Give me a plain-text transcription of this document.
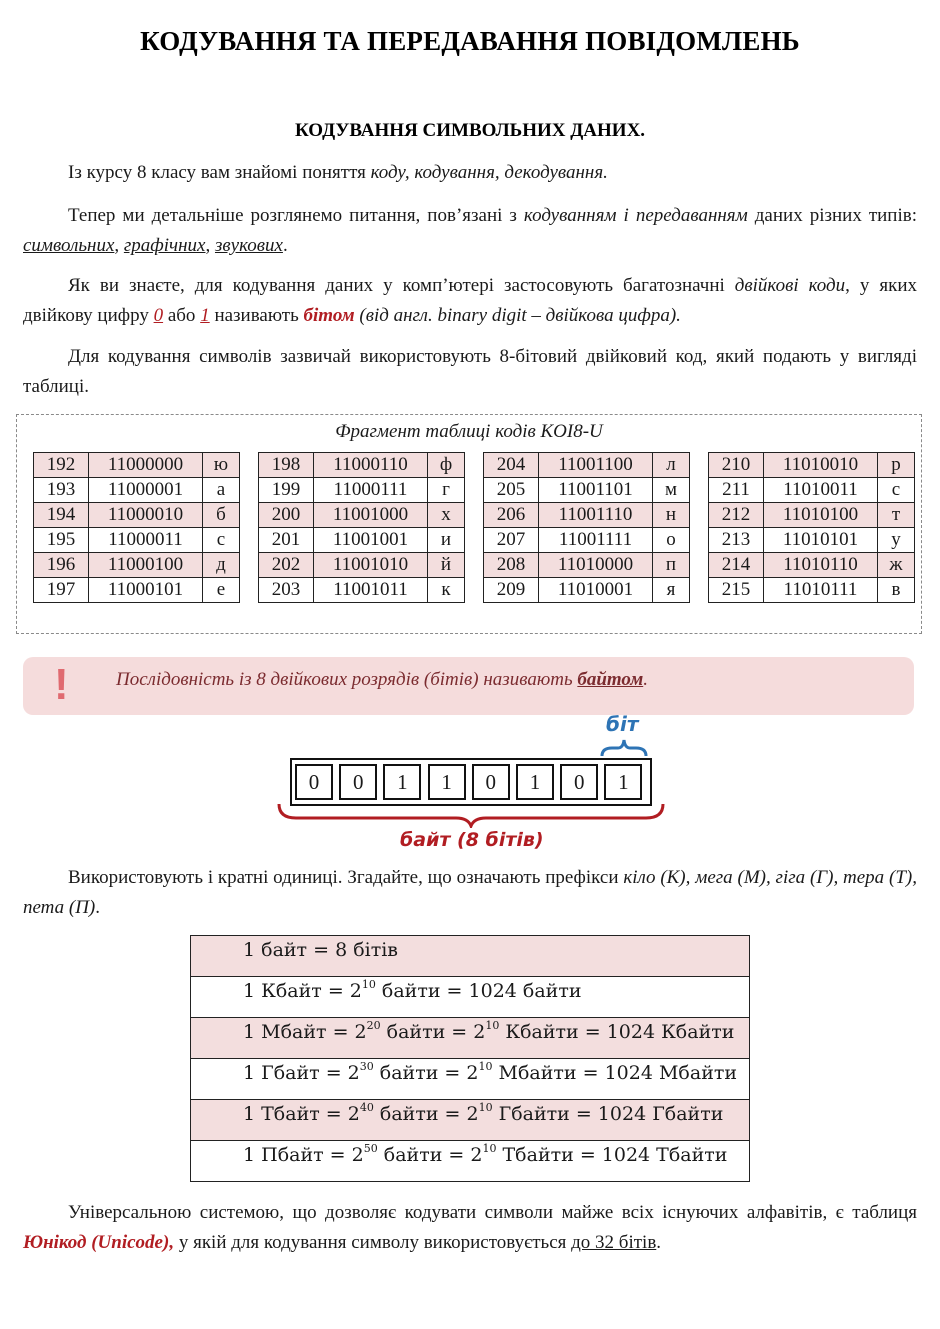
КОДУВАННЯ ТА ПЕРЕДАВАННЯ ПОВІДОМЛЕНЬ
КОДУВАННЯ СИМВОЛЬНИХ ДАНИХ.

Із курсу 8 класу вам знайомі поняття коду, кодування, декодування.

Тепер ми детальніше розглянемо питання, пов’язані з кодуванням і передаванням даних різних типів: символьних, графічних, звукових.

Як ви знаєте, для кодування даних у комп’ютері застосовують багатозначні двійкові коди, у яких двійкову цифру 0 або 1 називають бітом (від англ. binary digit – двійкова цифра).

Для кодування символів зазвичай використовують 8-бітовий двійковий код, який подають у вигляді таблиці.

Фрагмент таблиці кодів KOI8-U
192	11000000	ю		198	11000110	ф		204	11001100	л		210	11010010	р
193	11000001	а		199	11000111	г		205	11001101	м		211	11010011	с
194	11000010	б		200	11001000	х		206	11001110	н		212	11010100	т
195	11000011	с		201	11001001	и		207	11001111	о		213	11010101	у
196	11000100	д		202	11001010	й		208	11010000	п		214	11010110	ж
197	11000101	е		203	11001011	к		209	11010001	я		215	11010111	в
! Послідовність із 8 двійкових розрядів (бітів) називають байтом.
біт
0	0	1	1	0	1	0	1
байт (8 бітів)

Використовують і кратні одиниці. Згадайте, що означають префікси кіло (К), мега (М), гіга (Г), тера (Т), пета (П).

1 байт = 8 бітів
1 Кбайт = $2^{10}$ байти = 1024 байти
1 Мбайт = $2^{20}$ байти = $2^{10}$ Кбайти = 1024 Кбайти
1 Гбайт = $2^{30}$ байти = $2^{10}$ Мбайти = 1024 Мбайти
1 Тбайт = $2^{40}$ байти = $2^{10}$ Гбайти = 1024 Гбайти
1 Пбайт = $2^{50}$ байти = $2^{10}$ Тбайти = 1024 Тбайти

Універсальною системою, що дозволяє кодувати символи майже всіх існуючих алфавітів, є таблиця Юнікод (Unicode), у якій для кодування символу використовується до 32 бітів.
